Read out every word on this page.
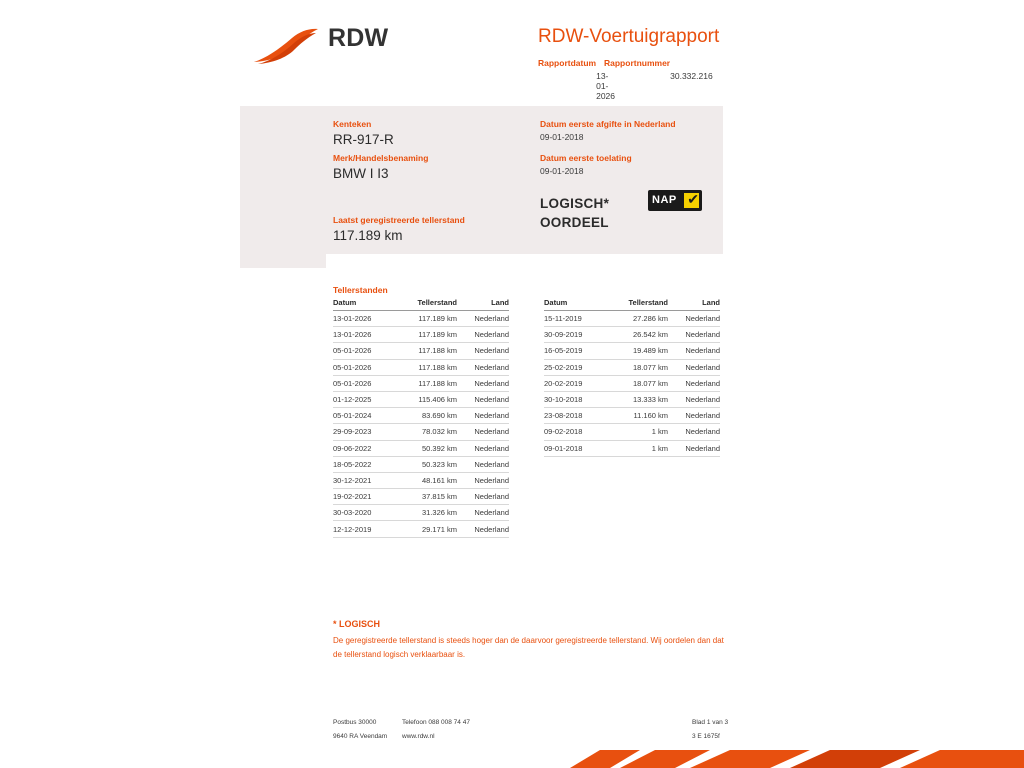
RDW	RDW-Voertuigrapport
Rapportdatum
13-01-2026
Rapportnummer
30.332.216
Kenteken
RR-917-R
Merk/Handelsbenaming
BMW I I3
Laatst geregistreerde tellerstand
117.189 km
Datum eerste afgifte in Nederland
09-01-2018
Datum eerste toelating
09-01-2018
LOGISCH*
OORDEEL
NAP ✔
Tellerstanden
Datum	Tellerstand	Land
13-01-2026	117.189 km	Nederland
13-01-2026	117.189 km	Nederland
05-01-2026	117.188 km	Nederland
05-01-2026	117.188 km	Nederland
05-01-2026	117.188 km	Nederland
01-12-2025	115.406 km	Nederland
05-01-2024	83.690 km	Nederland
29-09-2023	78.032 km	Nederland
09-06-2022	50.392 km	Nederland
18-05-2022	50.323 km	Nederland
30-12-2021	48.161 km	Nederland
19-02-2021	37.815 km	Nederland
30-03-2020	31.326 km	Nederland
12-12-2019	29.171 km	Nederland
Datum	Tellerstand	Land
15-11-2019	27.286 km	Nederland
30-09-2019	26.542 km	Nederland
16-05-2019	19.489 km	Nederland
25-02-2019	18.077 km	Nederland
20-02-2019	18.077 km	Nederland
30-10-2018	13.333 km	Nederland
23-08-2018	11.160 km	Nederland
09-02-2018	1 km	Nederland
09-01-2018	1 km	Nederland
* LOGISCH
De geregistreerde tellerstand is steeds hoger dan de daarvoor geregistreerde tellerstand. Wij oordelen dan dat de tellerstand logisch verklaarbaar is.
Postbus 30000
9640 RA Veendam
Telefoon 088 008 74 47
www.rdw.nl
Blad 1 van 3
3 E 1675f
